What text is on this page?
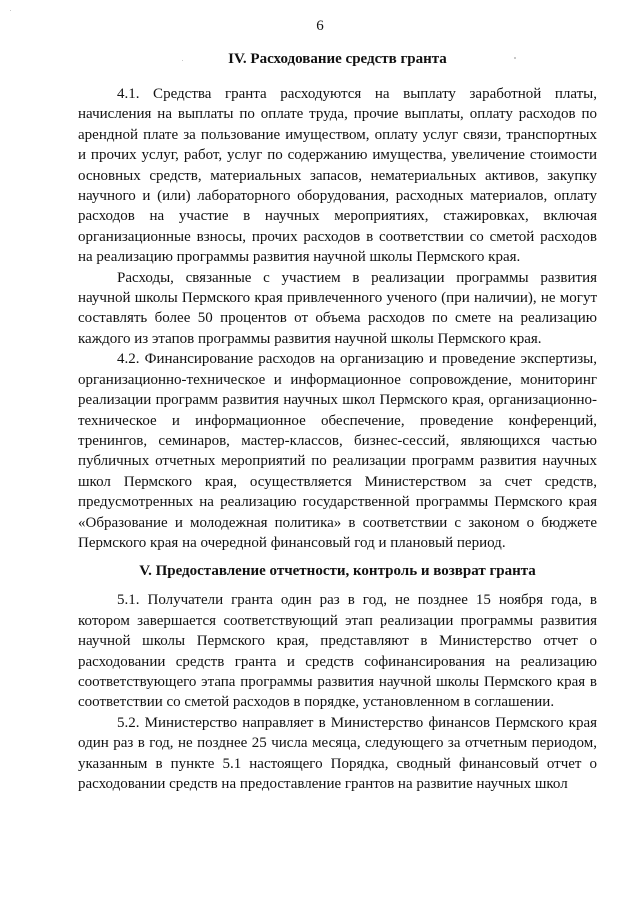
6
IV. Расходование средств гранта

4.1. Средства гранта расходуются на выплату заработной платы, начисления на выплаты по оплате труда, прочие выплаты, оплату расходов по арендной плате за пользование имуществом, оплату услуг связи, транспортных и прочих услуг, работ, услуг по содержанию имущества, увеличение стоимости основных средств, материальных запасов, нематериальных активов, закупку научного и (или) лабораторного оборудования, расходных материалов, оплату расходов на участие в научных мероприятиях, стажировках, включая организационные взносы, прочих расходов в соответствии со сметой расходов на реализацию программы развития научной школы Пермского края.

Расходы, связанные с участием в реализации программы развития научной школы Пермского края привлеченного ученого (при наличии), не могут составлять более 50 процентов от объема расходов по смете на реализацию каждого из этапов программы развития научной школы Пермского края.

4.2. Финансирование расходов на организацию и проведение экспертизы, организационно-техническое и информационное сопровождение, мониторинг реализации программ развития научных школ Пермского края, организационно-техническое и информационное обеспечение, проведение конференций, тренингов, семинаров, мастер-классов, бизнес-сессий, являющихся частью публичных отчетных мероприятий по реализации программ развития научных школ Пермского края, осуществляется Министерством за счет средств, предусмотренных на реализацию государственной программы Пермского края «Образование и молодежная политика» в соответствии с законом о бюджете Пермского края на очередной финансовый год и плановый период.

V. Предоставление отчетности, контроль и возврат гранта

5.1. Получатели гранта один раз в год, не позднее 15 ноября года, в котором завершается соответствующий этап реализации программы развития научной школы Пермского края, представляют в Министерство отчет о расходовании средств гранта и средств софинансирования на реализацию соответствующего этапа программы развития научной школы Пермского края в соответствии со сметой расходов в порядке, установленном в соглашении.

5.2. Министерство направляет в Министерство финансов Пермского края один раз в год, не позднее 25 числа месяца, следующего за отчетным периодом, указанным в пункте 5.1 настоящего Порядка, сводный финансовый отчет о расходовании средств на предоставление грантов на развитие научных школ
